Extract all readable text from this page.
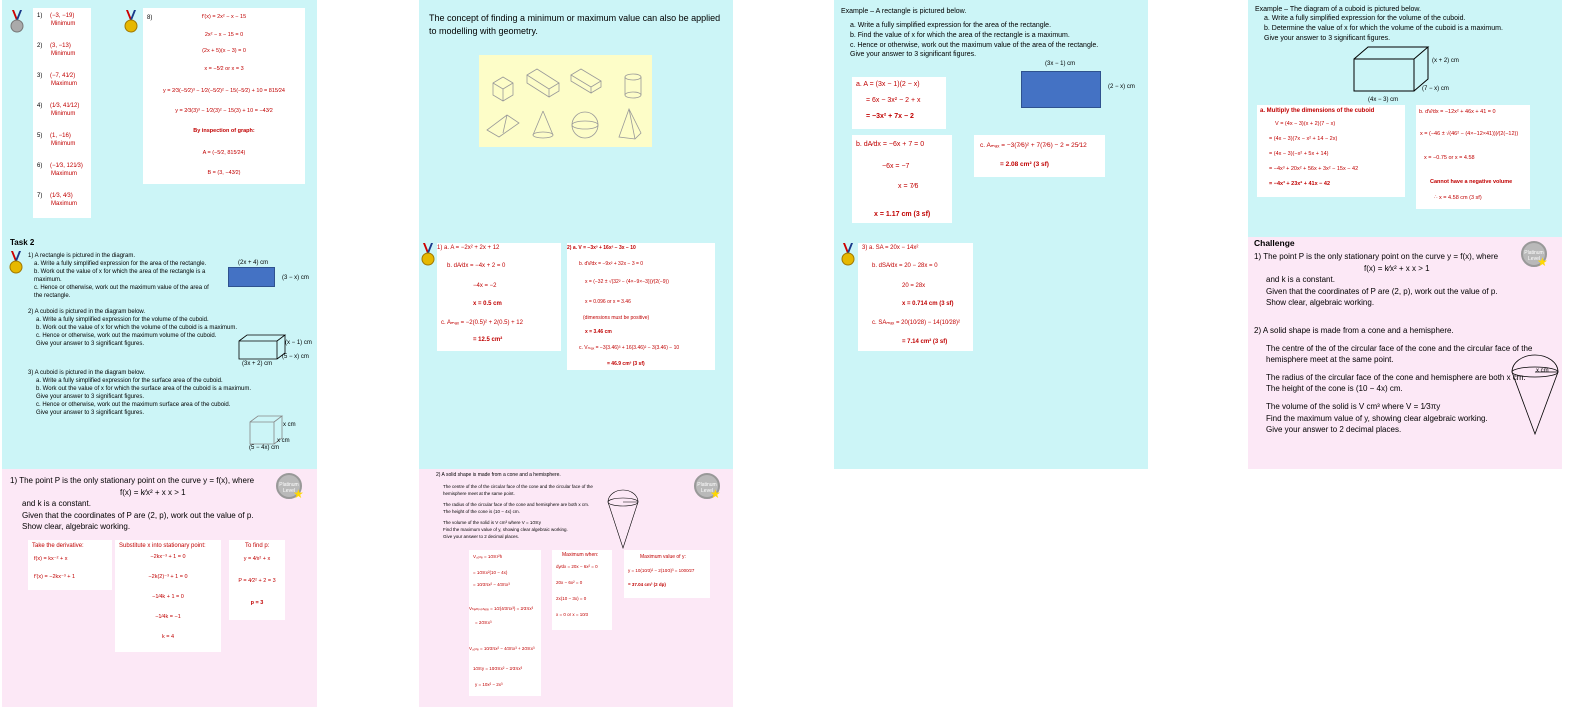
1) (−3, −19)
Minimum
2) (3, −13)
Minimum
3) (−7, 41⁄2)
Maximum
4) (1⁄3, 41⁄12)
Minimum
5) (1, −16)
Minimum
6) (−1⁄3, 121⁄3)
Maximum
7) (1⁄3, 4⁄3)
Maximum
8)	f′(x) = 2x² − x − 15
2x² − x − 15 = 0
(2x + 5)(x − 3) = 0
x = −5⁄2 or x = 3
y = 2⁄3(−5⁄2)³ − 1⁄2(−5⁄2)² − 15(−5⁄2) + 10 = 815⁄24
y = 2⁄3(3)³ − 1⁄2(3)² − 15(3) + 10 = −43⁄2
By inspection of graph:
A = (−5⁄2, 815⁄24)
B = (3, −43⁄2)
Task 2
1) A rectangle is pictured in the diagram.
a. Write a fully simplified expression for the area of the rectangle.
b. Work out the value of x for which the area of the rectangle is a
maximum.
c. Hence or otherwise, work out the maximum value of the area of
the rectangle.
(2x + 4) cm
(3 − x) cm
2) A cuboid is pictured in the diagram below.
a. Write a fully simplified expression for the volume of the cuboid.
b. Work out the value of x for which the volume of the cuboid is a maximum.
c. Hence or otherwise, work out the maximum volume of the cuboid.
Give your answer to 3 significant figures.	(x − 1) cm
(5 − x) cm
(3x + 2) cm
3) A cuboid is pictured in the diagram below.
a. Write a fully simplified expression for the surface area of the cuboid.
b. Work out the value of x for which the surface area of the cuboid is a maximum.
Give your answer to 3 significant figures.
c. Hence or otherwise, work out the maximum surface area of the cuboid.
Give your answer to 3 significant figures.
x cm
x cm
(5 − 4x) cm
1) The point P is the only stationary point on the curve y = f(x), where
f(x) = k⁄x² + x x > 1
and k is a constant.
Given that the coordinates of P are (2, p), work out the value of p.
Show clear, algebraic working.
Platinum Level
★
Take the derivative:
f(x) = kx⁻² + x
f′(x) = −2kx⁻³ + 1
Substitute x into stationary point:
−2kx⁻³ + 1 = 0
−2k(2)⁻³ + 1 = 0
−1⁄4k + 1 = 0
−1⁄4k = −1
k = 4
To find p:
y = 4⁄x² + x
P = 4⁄2² + 2 = 3
p = 3
The concept of finding a minimum or maximum value can also be applied
to modelling with geometry.
1) a. A = −2x² + 2x + 12
b. dA⁄dx = −4x + 2 = 0
−4x = −2
x = 0.5 cm
c. Aₘₐₓ = −2(0.5)² + 2(0.5) + 12
= 12.5 cm²
2) a. V = −3x³ + 16x² − 3x − 10
b. dV⁄dx = −9x² + 32x − 3 = 0
x = (−32 ± √(32² − (4×−9×−3)))⁄(2(−9))
x = 0.096 or x = 3.46
(dimensions must be positive)
x = 3.46 cm
c. Vₘₐₓ = −3(3.46)³ + 16(3.46)² − 3(3.46) − 10
= 46.9 cm³ (3 sf)
2) A solid shape is made from a cone and a hemisphere.
The centre of the of the circular face of the cone and the circular face of the
hemisphere meet at the same point.
The radius of the circular face of the cone and hemisphere are both x cm.
The height of the cone is (10 − 4x) cm.
The volume of the solid is V cm³ where V = 1⁄3πy
Find the maximum value of y, showing clear algebraic working.
Give your answer to 2 decimal places.
Platinum Level
★
V꜀ₒₙₑ = 1⁄3πr²h
= 1⁄3πx²(10 − 4x)
= 10⁄3πx² − 4⁄3πx³
Vₕₑₘᵢₛₚₕₑᵣₑ = 1⁄2(4⁄3πx³) = 2⁄3πx³
= 2⁄3πx³
V꜀ₒₙₑ = 10⁄3πx² − 4⁄3πx³ + 2⁄3πx³
1⁄3πy = 10⁄3πx² − 2⁄3πx³
y = 10x² − 2x³
Maximum when:
dy⁄dx = 20x − 6x² = 0
20x − 6x² = 0
2x(10 − 3x) = 0
x = 0 or x = 10⁄3
Maximum value of y:
y = 10(10⁄3)² − 2(10⁄3)³ = 1000⁄27
= 37.04 cm³ (2 dp)
Example – A rectangle is pictured below.
a. Write a fully simplified expression for the area of the rectangle.
b. Find the value of x for which the area of the rectangle is a maximum.
c. Hence or otherwise, work out the maximum value of the area of the rectangle.
Give your answer to 3 significant figures.
(3x − 1) cm
(2 − x) cm
a. A = (3x − 1)(2 − x)
= 6x − 3x² − 2 + x
= −3x² + 7x − 2
b. dA⁄dx = −6x + 7 = 0
−6x = −7
x = 7⁄6
x = 1.17 cm (3 sf)
c. Aₘₐₓ = −3(7⁄6)² + 7(7⁄6) − 2 = 25⁄12
= 2.08 cm² (3 sf)
3) a. SA = 20x − 14x²
b. dSA⁄dx = 20 − 28x = 0
20 = 28x
x = 0.714 cm (3 sf)
c. SAₘₐₓ = 20(10⁄28) − 14(10⁄28)²
= 7.14 cm² (3 sf)
Example – The diagram of a cuboid is pictured below.
a. Write a fully simplified expression for the volume of the cuboid.
b. Determine the value of x for which the volume of the cuboid is a maximum.
Give your answer to 3 significant figures.
(x + 2) cm
(7 − x) cm
(4x − 3) cm
a. Multiply the dimensions of the cuboid
V = (4x − 3)(x + 2)(7 − x)
= (4x − 3)(7x − x² + 14 − 2x)
= (4x − 3)(−x² + 5x + 14)
= −4x³ + 20x² + 56x + 3x² − 15x − 42
= −4x³ + 23x² + 41x − 42
b. dV⁄dx = −12x² + 46x + 41 = 0
x = (−46 ± √(46² − (4×−12×41)))⁄(2(−12))
x = −0.75 or x = 4.58
Cannot have a negative volume
∴ x = 4.58 cm (3 sf)
Challenge
Platinum Level
★
1) The point P is the only stationary point on the curve y = f(x), where
f(x) = k⁄x² + x x > 1
and k is a constant.
Given that the coordinates of P are (2, p), work out the value of p.
Show clear, algebraic working.
2) A solid shape is made from a cone and a hemisphere.
The centre of the of the circular face of the cone and the circular face of the
hemisphere meet at the same point.
The radius of the circular face of the cone and hemisphere are both x cm.
The height of the cone is (10 − 4x) cm.
The volume of the solid is V cm³ where V = 1⁄3πy
Find the maximum value of y, showing clear algebraic working.
Give your answer to 2 decimal places.
x cm
